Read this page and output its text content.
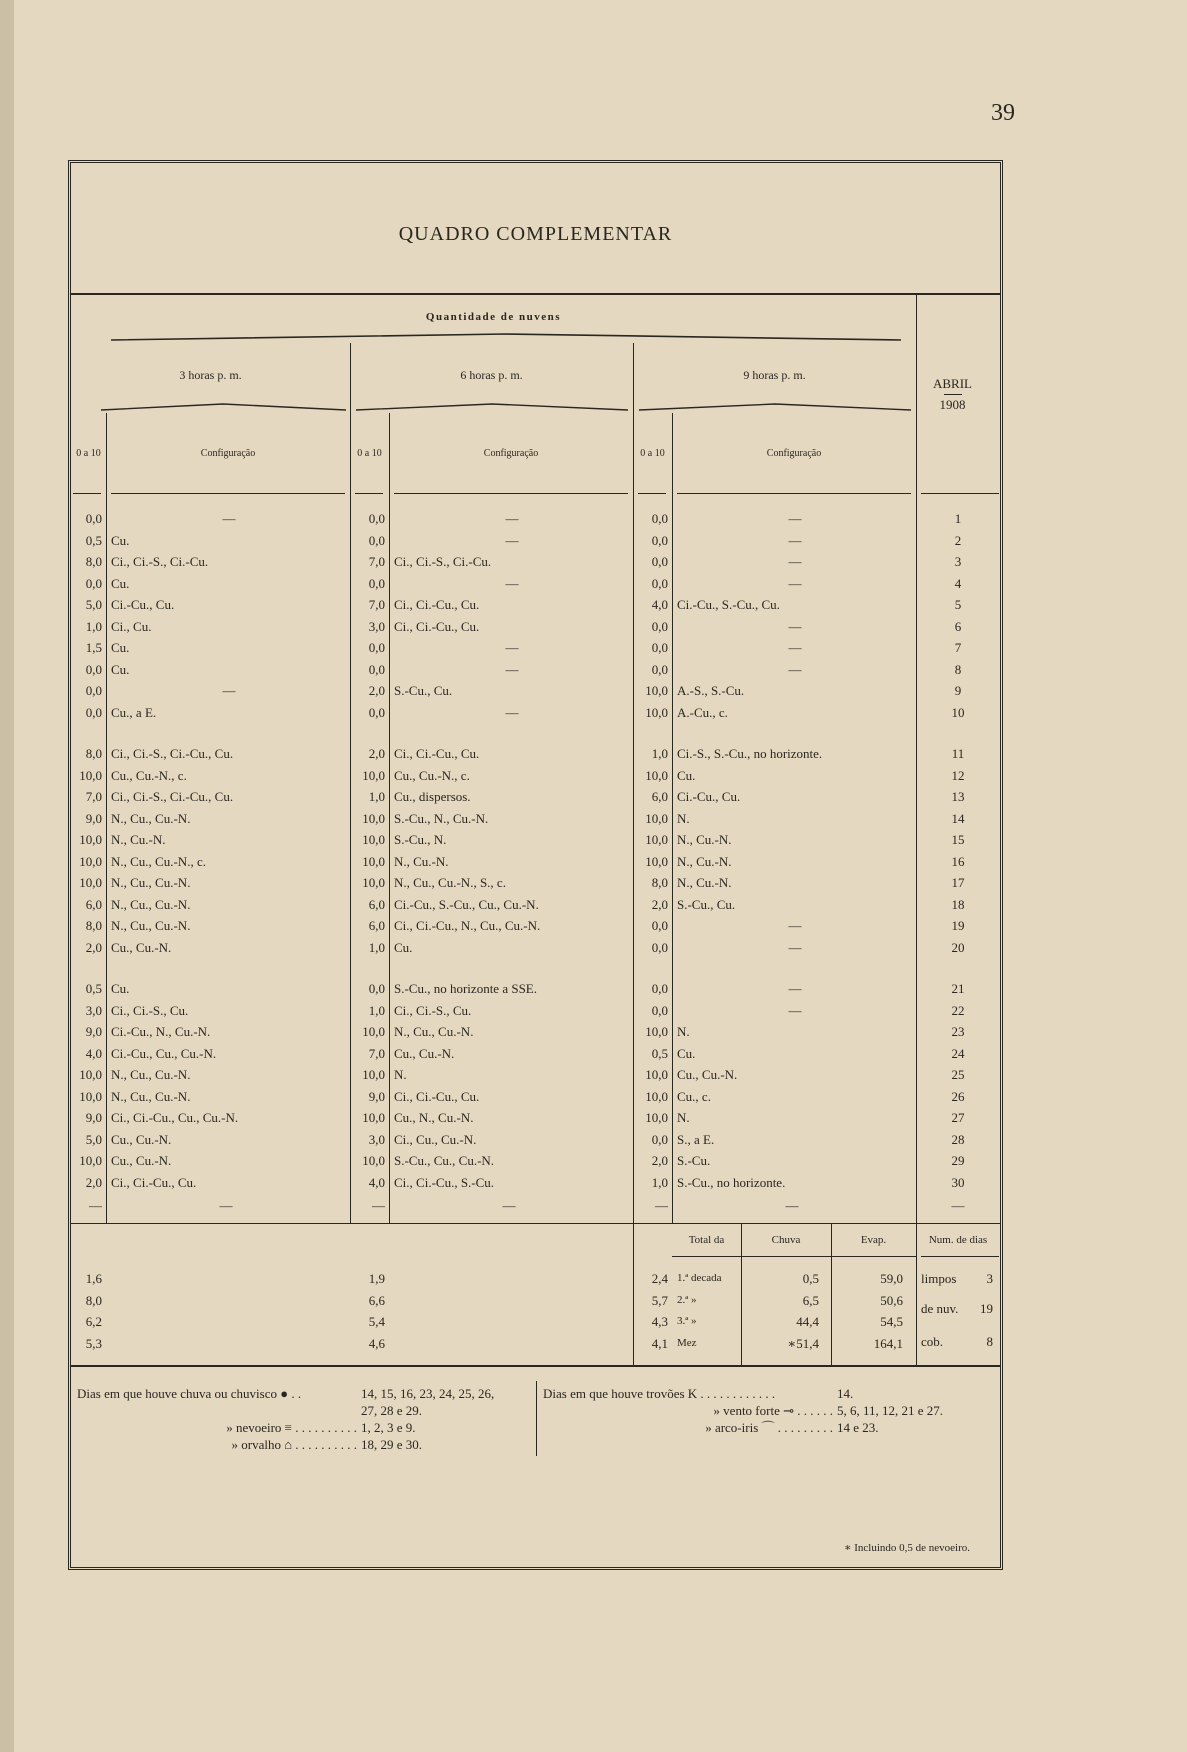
39
QUADRO COMPLEMENTAR
Quantidade de nuvens
3 horas p. m.	6 horas p. m.	9 horas p. m.
ABRIL
1908
0 a 10	Configuração	0 a 10	Configuração	0 a 10	Configuração
0,0	—	0,0	—	0,0	—	1
0,5 Cu.	0,0	—	0,0	—	2
8,0 Ci., Ci.-S., Ci.-Cu.	7,0 Ci., Ci.-S., Ci.-Cu.	0,0	—	3
0,0 Cu.	0,0	—	0,0	—	4
5,0 Ci.-Cu., Cu.	7,0 Ci., Ci.-Cu., Cu.	4,0 Ci.-Cu., S.-Cu., Cu.	5
1,0 Ci., Cu.	3,0 Ci., Ci.-Cu., Cu.	0,0	—	6
1,5 Cu.	0,0	—	0,0	—	7
0,0 Cu.	0,0	—	0,0	—	8
0,0	—	2,0 S.-Cu., Cu.	10,0 A.-S., S.-Cu.	9
0,0 Cu., a E.	0,0	—	10,0 A.-Cu., c.	10
8,0 Ci., Ci.-S., Ci.-Cu., Cu.	2,0 Ci., Ci.-Cu., Cu.	1,0 Ci.-S., S.-Cu., no horizonte.	11
10,0 Cu., Cu.-N., c.	10,0 Cu., Cu.-N., c.	10,0 Cu.	12
7,0 Ci., Ci.-S., Ci.-Cu., Cu.	1,0 Cu., dispersos.	6,0 Ci.-Cu., Cu.	13
9,0 N., Cu., Cu.-N.	10,0 S.-Cu., N., Cu.-N.	10,0 N.	14
10,0 N., Cu.-N.	10,0 S.-Cu., N.	10,0 N., Cu.-N.	15
10,0 N., Cu., Cu.-N., c.	10,0 N., Cu.-N.	10,0 N., Cu.-N.	16
10,0 N., Cu., Cu.-N.	10,0 N., Cu., Cu.-N., S., c.	8,0 N., Cu.-N.	17
6,0 N., Cu., Cu.-N.	6,0 Ci.-Cu., S.-Cu., Cu., Cu.-N.	2,0 S.-Cu., Cu.	18
8,0 N., Cu., Cu.-N.	6,0 Ci., Ci.-Cu., N., Cu., Cu.-N.	0,0	—	19
2,0 Cu., Cu.-N.	1,0 Cu.	0,0	—	20
0,5 Cu.	0,0 S.-Cu., no horizonte a SSE.	0,0	—	21
3,0 Ci., Ci.-S., Cu.	1,0 Ci., Ci.-S., Cu.	0,0	—	22
9,0 Ci.-Cu., N., Cu.-N.	10,0 N., Cu., Cu.-N.	10,0 N.	23
4,0 Ci.-Cu., Cu., Cu.-N.	7,0 Cu., Cu.-N.	0,5 Cu.	24
10,0 N., Cu., Cu.-N.	10,0 N.	10,0 Cu., Cu.-N.	25
10,0 N., Cu., Cu.-N.	9,0 Ci., Ci.-Cu., Cu.	10,0 Cu., c.	26
9,0 Ci., Ci.-Cu., Cu., Cu.-N.	10,0 Cu., N., Cu.-N.	10,0 N.	27
5,0 Cu., Cu.-N.	3,0 Ci., Cu., Cu.-N.	0,0 S., a E.	28
10,0 Cu., Cu.-N.	10,0 S.-Cu., Cu., Cu.-N.	2,0 S.-Cu.	29
2,0 Ci., Ci.-Cu., Cu.	4,0 Ci., Ci.-Cu., S.-Cu.	1,0 S.-Cu., no horizonte.	30
—	—	—	—	—	—	—
Total da	Chuva	Evap.	Num. de dias
1,6	1,9	2,4 1.ª decada	0,5	59,0
8,0	6,6	5,7 2.ª »	6,5	50,6
6,2	5,4	4,3 3.ª »	44,4	54,5
5,3	4,6	4,1 Mez	∗51,4	164,1
limpos	3
de nuv.	19
cob.	8
Dias em que houve chuva ou chuvisco ● . .	14, 15, 16, 23, 24, 25, 26,
27, 28 e 29.
» nevoeiro ≡ . . . . . . . . . . 1, 2, 3 e 9.
» orvalho ⌂ . . . . . . . . . . 18, 29 e 30.
Dias em que houve trovões K . . . . . . . . . . . .	14.
» vento forte ⊸ . . . . . . 5, 6, 11, 12, 21 e 27.
» arco-iris ⌒ . . . . . . . . . 14 e 23.
∗ Incluindo 0,5 de nevoeiro.
